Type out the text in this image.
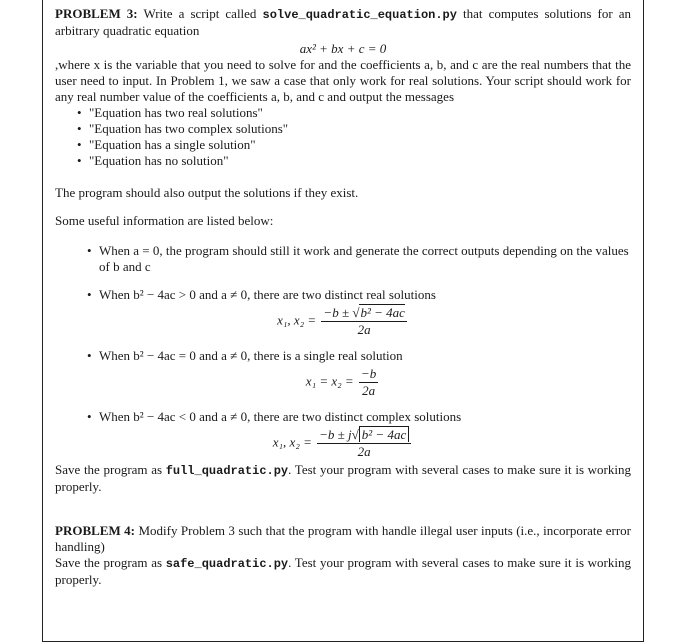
PROBLEM 3: Write a script called solve_quadratic_equation.py that computes solutions for an arbitrary quadratic equation

ax² + bx + c = 0

,where x is the variable that you need to solve for and the coefficients a, b, and c are the real numbers that the user need to input. In Problem 1, we saw a case that only work for real solutions. Your script should work for any real number value of the coefficients a, b, and c and output the messages

• "Equation has two real solutions"
• "Equation has two complex solutions"
• "Equation has a single solution"
• "Equation has no solution"

The program should also output the solutions if they exist.

Some useful information are listed below:

• When a = 0, the program should still it work and generate the correct outputs depending on the values of b and c
• When b² − 4ac > 0 and a ≠ 0, there are two distinct real solutions

x₁, $x_2 = \frac{\text{−b ± √b² − 4ac}}{2a}$

• When b² − 4ac = 0 and a ≠ 0, there is a single real solution

$x_1 = x_2 = \frac{-b}{2a}$

• When b² − 4ac < 0 and a ≠ 0, there are two distinct complex solutions

x₁, $x_2 = \frac{\text{−b ± j√ b² − 4ac}}{2a}$

Save the program as full_quadratic.py. Test your program with several cases to make sure it is working properly.

PROBLEM 4: Modify Problem 3 such that the program with handle illegal user inputs (i.e., incorporate error handling)

Save the program as safe_quadratic.py. Test your program with several cases to make sure it is working properly.
